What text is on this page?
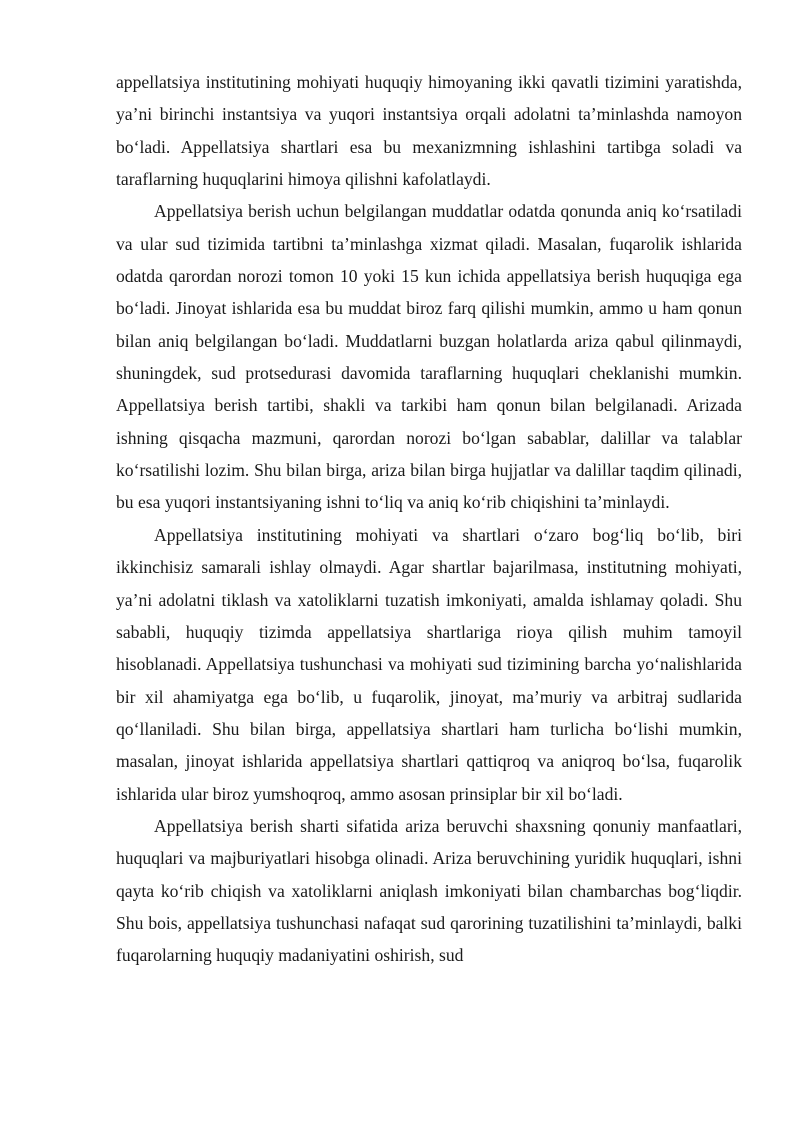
appellatsiya institutining mohiyati huquqiy himoyaning ikki qavatli tizimini yaratishda, ya’ni birinchi instantsiya va yuqori instantsiya orqali adolatni ta’minlashda namoyon bo‘ladi. Appellatsiya shartlari esa bu mexanizmning ishlashini tartibga soladi va taraflarning huquqlarini himoya qilishni kafolatlaydi.

Appellatsiya berish uchun belgilangan muddatlar odatda qonunda aniq ko‘rsatiladi va ular sud tizimida tartibni ta’minlashga xizmat qiladi. Masalan, fuqarolik ishlarida odatda qarordan norozi tomon 10 yoki 15 kun ichida appellatsiya berish huquqiga ega bo‘ladi. Jinoyat ishlarida esa bu muddat biroz farq qilishi mumkin, ammo u ham qonun bilan aniq belgilangan bo‘ladi. Muddatlarni buzgan holatlarda ariza qabul qilinmaydi, shuningdek, sud protsedurasi davomida taraflarning huquqlari cheklanishi mumkin. Appellatsiya berish tartibi, shakli va tarkibi ham qonun bilan belgilanadi. Arizada ishning qisqacha mazmuni, qarordan norozi bo‘lgan sabablar, dalillar va talablar ko‘rsatilishi lozim. Shu bilan birga, ariza bilan birga hujjatlar va dalillar taqdim qilinadi, bu esa yuqori instantsiyaning ishni to‘liq va aniq ko‘rib chiqishini ta’minlaydi.

Appellatsiya institutining mohiyati va shartlari o‘zaro bog‘liq bo‘lib, biri ikkinchisiz samarali ishlay olmaydi. Agar shartlar bajarilmasa, institutning mohiyati, ya’ni adolatni tiklash va xatoliklarni tuzatish imkoniyati, amalda ishlamay qoladi. Shu sababli, huquqiy tizimda appellatsiya shartlariga rioya qilish muhim tamoyil hisoblanadi. Appellatsiya tushunchasi va mohiyati sud tizimining barcha yo‘nalishlarida bir xil ahamiyatga ega bo‘lib, u fuqarolik, jinoyat, ma’muriy va arbitraj sudlarida qo‘llaniladi. Shu bilan birga, appellatsiya shartlari ham turlicha bo‘lishi mumkin, masalan, jinoyat ishlarida appellatsiya shartlari qattiqroq va aniqroq bo‘lsa, fuqarolik ishlarida ular biroz yumshoqroq, ammo asosan prinsiplar bir xil bo‘ladi.

Appellatsiya berish sharti sifatida ariza beruvchi shaxsning qonuniy manfaatlari, huquqlari va majburiyatlari hisobga olinadi. Ariza beruvchining yuridik huquqlari, ishni qayta ko‘rib chiqish va xatoliklarni aniqlash imkoniyati bilan chambarchas bog‘liqdir. Shu bois, appellatsiya tushunchasi nafaqat sud qarorining tuzatilishini ta’minlaydi, balki fuqarolarning huquqiy madaniyatini oshirish, sud
